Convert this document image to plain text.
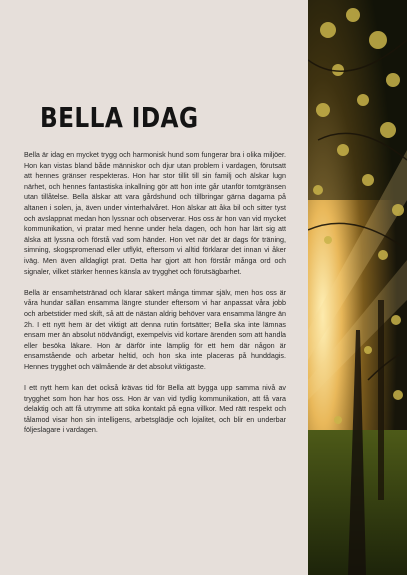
BELLA IDAG

Bella är idag en mycket trygg och harmonisk hund som fungerar bra i olika miljöer. Hon kan vistas bland både människor och djur utan problem i vardagen, förutsatt att hennes gränser respekteras. Hon har stor tillit till sin familj och älskar lugn närhet, och hennes fantastiska inkallning gör att hon inte går utanför tomtgränsen utan tillåtelse. Bella älskar att vara gårdshund och tillbringar gärna dagarna på altanen i solen, ja, även under vinterhalvåret. Hon älskar att åka bil och sitter tyst och avslappnat medan hon lyssnar och observerar. Hos oss är hon van vid mycket kommunikation, vi pratar med henne under hela dagen, och hon har lärt sig att älska att lyssna och förstå vad som händer. Hon vet när det är dags för träning, simning, skogspromenad eller utflykt, eftersom vi alltid förklarar det innan vi åker iväg. Men även alldagligt prat. Detta har gjort att hon förstår många ord och signaler, vilket stärker hennes känsla av trygghet och förutsägbarhet.

Bella är ensamhetstränad och klarar säkert många timmar själv, men hos oss är våra hundar sällan ensamma längre stunder eftersom vi har anpassat våra jobb och arbetstider med skift, så att de nästan aldrig behöver vara ensamma längre än 2h. I ett nytt hem är det viktigt att denna rutin fortsätter; Bella ska inte lämnas ensam mer än absolut nödvändigt, exempelvis vid kortare ärenden som att handla eller besöka läkare. Hon är därför inte lämplig för ett hem där någon är ensamstående och arbetar heltid, och hon ska inte placeras på hunddagis. Hennes trygghet och välmående är det absolut viktigaste.

I ett nytt hem kan det också krävas tid för Bella att bygga upp samma nivå av trygghet som hon har hos oss. Hon är van vid tydlig kommunikation, att få vara delaktig och att få utrymme att söka kontakt på egna villkor. Med rätt respekt och tålamod visar hon sin intelligens, arbetsglädje och lojalitet, och blir en underbar följeslagare i vardagen.
